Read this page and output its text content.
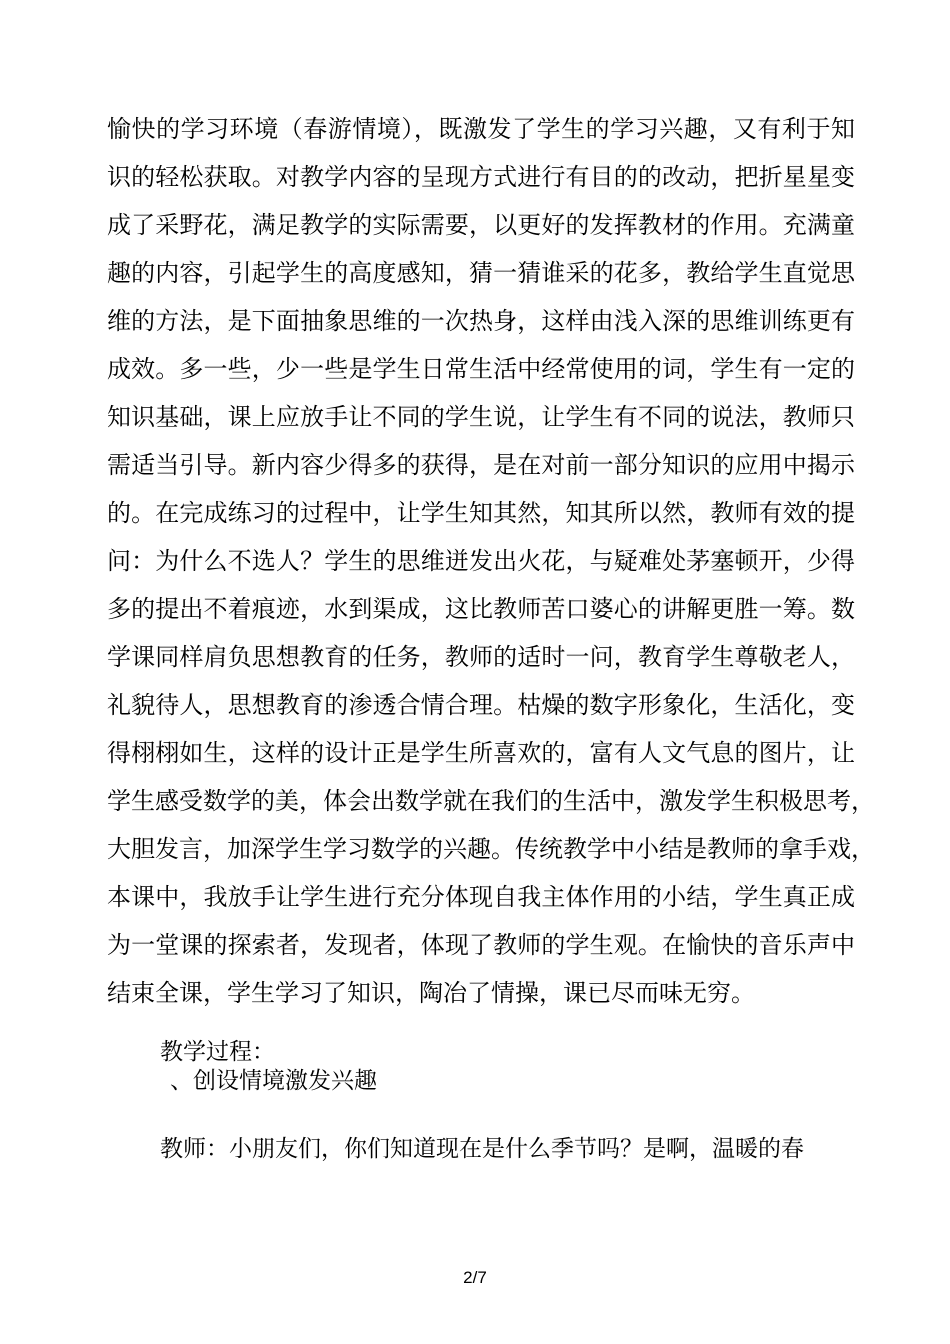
愉快的学习环境（春游情境），既激发了学生的学习兴趣，又有利于知
识的轻松获取。对教学内容的呈现方式进行有目的的改动，把折星星变
成了采野花，满足教学的实际需要，以更好的发挥教材的作用。充满童
趣的内容，引起学生的高度感知，猜一猜谁采的花多，教给学生直觉思
维的方法，是下面抽象思维的一次热身，这样由浅入深的思维训练更有
成效。多一些，少一些是学生日常生活中经常使用的词，学生有一定的
知识基础，课上应放手让不同的学生说，让学生有不同的说法，教师只
需适当引导。新内容少得多的获得，是在对前一部分知识的应用中揭示
的。在完成练习的过程中，让学生知其然，知其所以然，教师有效的提
问：为什么不选人？学生的思维迸发出火花，与疑难处茅塞顿开，少得
多的提出不着痕迹，水到渠成，这比教师苦口婆心的讲解更胜一筹。数
学课同样肩负思想教育的任务，教师的适时一问，教育学生尊敬老人，
礼貌待人，思想教育的渗透合情合理。枯燥的数字形象化，生活化，变
得栩栩如生，这样的设计正是学生所喜欢的，富有人文气息的图片，让
学生感受数学的美，体会出数学就在我们的生活中，激发学生积极思考，
大胆发言，加深学生学习数学的兴趣。传统教学中小结是教师的拿手戏，
本课中，我放手让学生进行充分体现自我主体作用的小结，学生真正成
为一堂课的探索者，发现者，体现了教师的学生观。在愉快的音乐声中
结束全课，学生学习了知识，陶冶了情操，课已尽而味无穷。
教学过程：
、创设情境激发兴趣
教师：小朋友们，你们知道现在是什么季节吗？是啊，温暖的春
2/7
